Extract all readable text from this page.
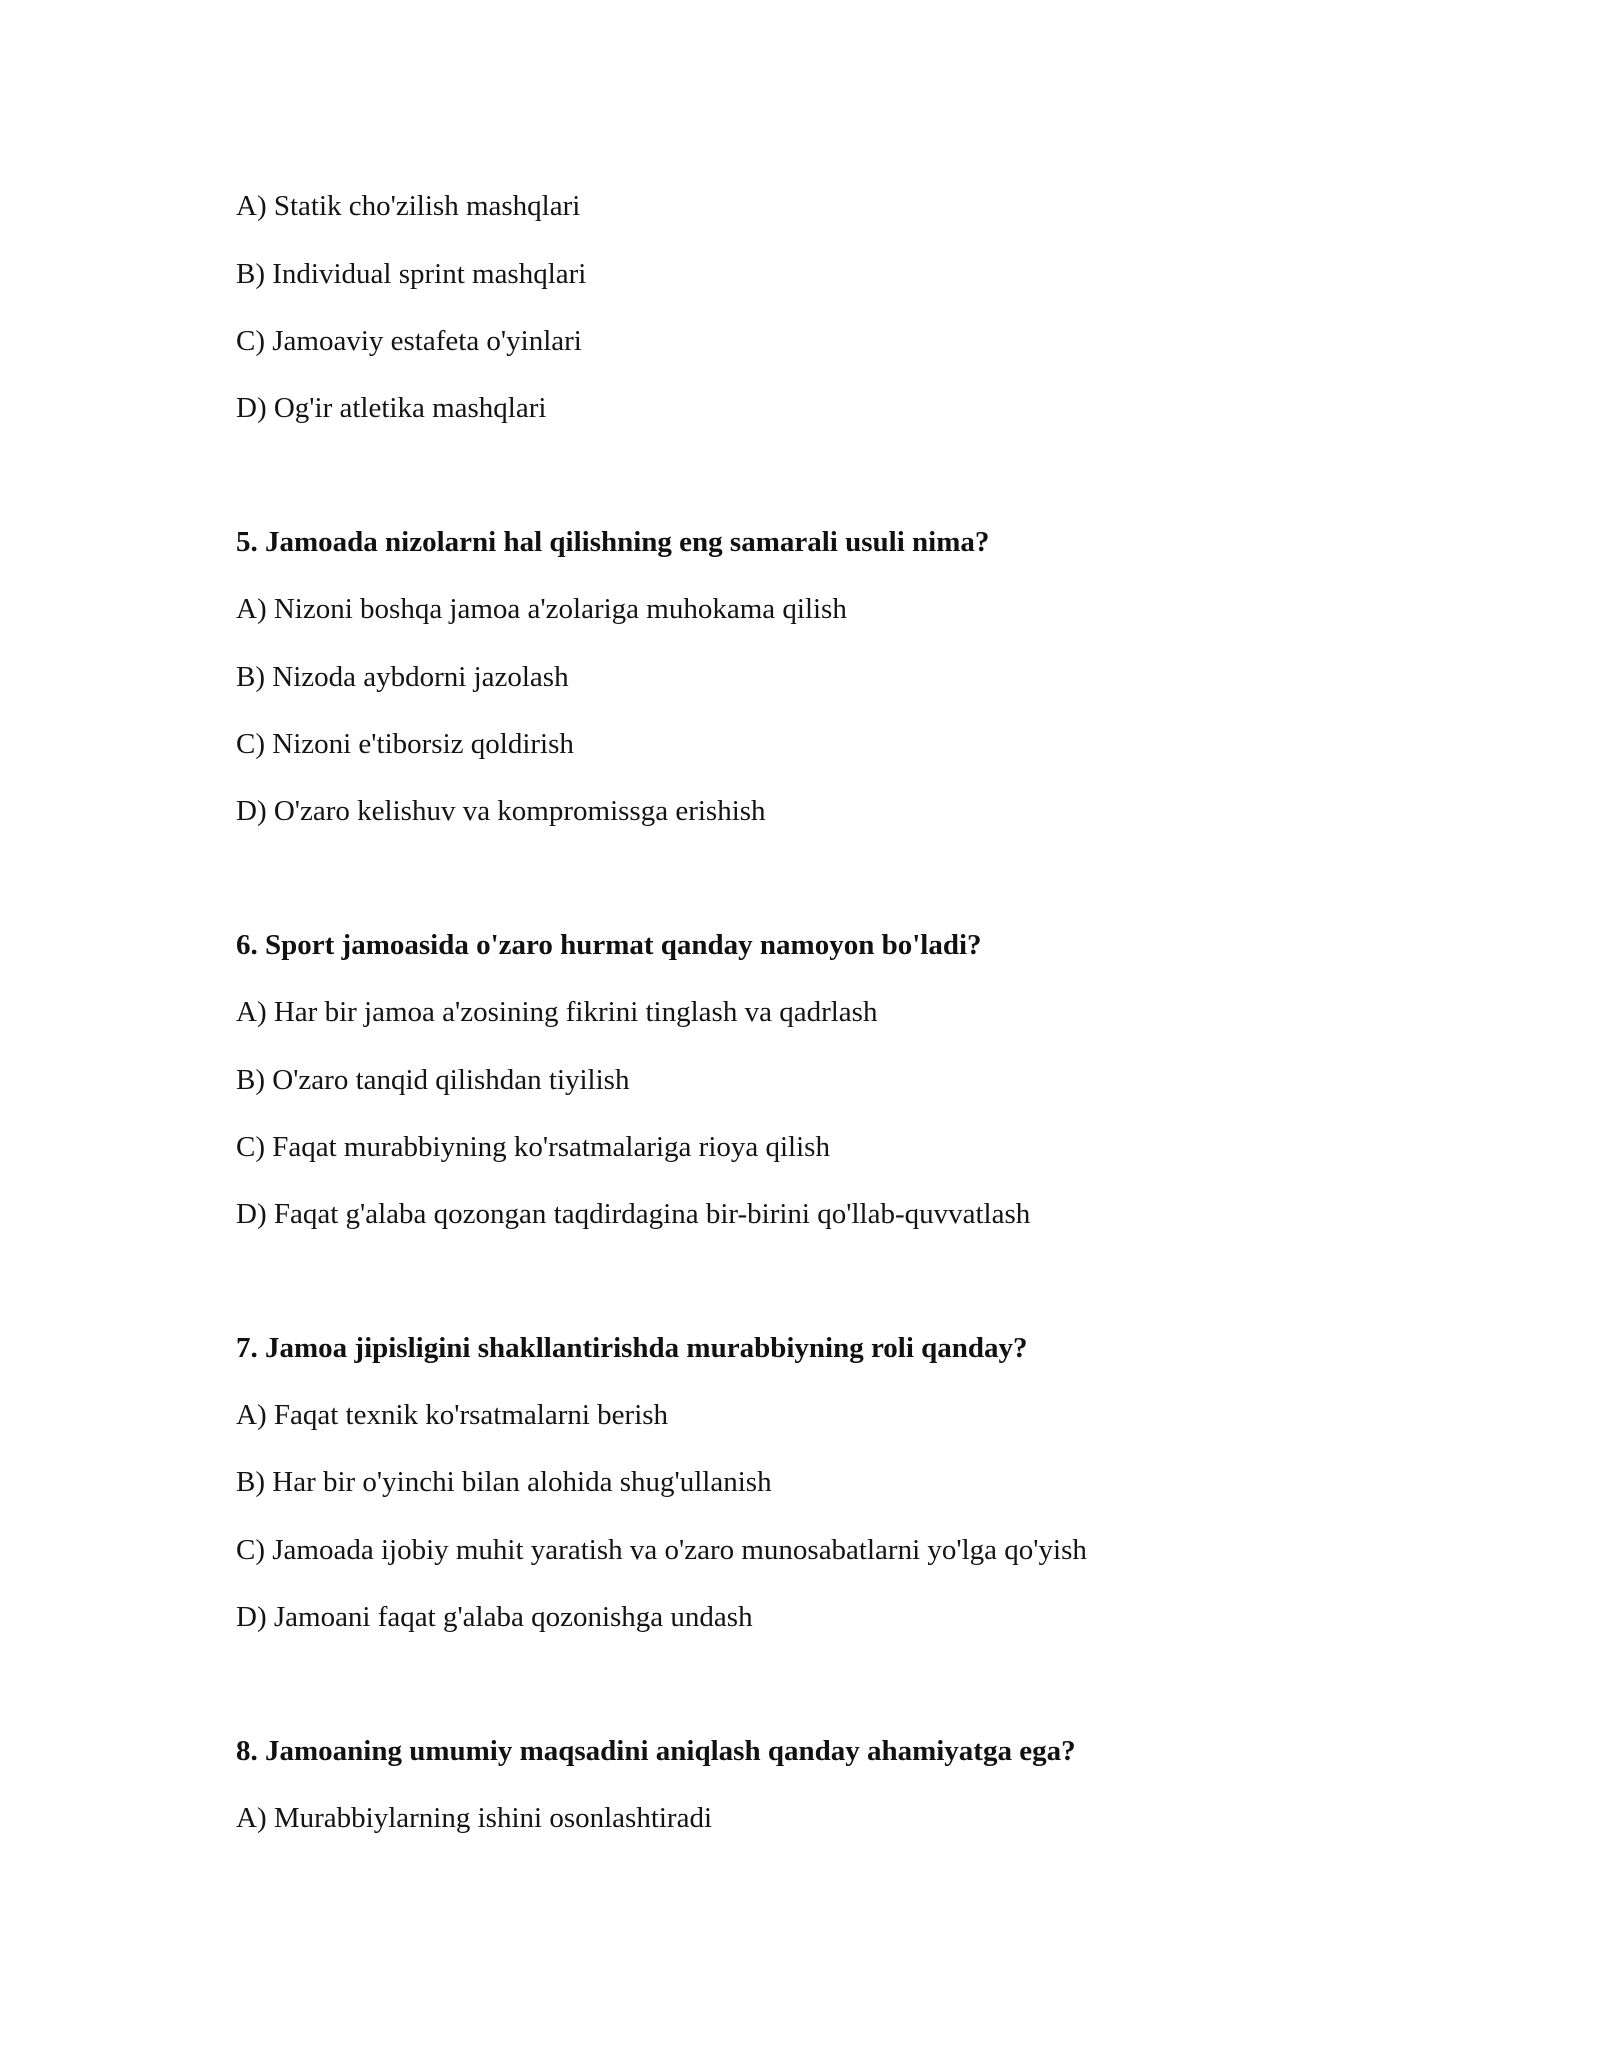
A) Statik cho'zilish mashqlari

B) Individual sprint mashqlari

C) Jamoaviy estafeta o'yinlari

D) Og'ir atletika mashqlari

5. Jamoada nizolarni hal qilishning eng samarali usuli nima?

A) Nizoni boshqa jamoa a'zolariga muhokama qilish

B) Nizoda aybdorni jazolash

C) Nizoni e'tiborsiz qoldirish

D) O'zaro kelishuv va kompromissga erishish

6. Sport jamoasida o'zaro hurmat qanday namoyon bo'ladi?

A) Har bir jamoa a'zosining fikrini tinglash va qadrlash

B) O'zaro tanqid qilishdan tiyilish

C) Faqat murabbiyning ko'rsatmalariga rioya qilish

D) Faqat g'alaba qozongan taqdirdagina bir-birini qo'llab-quvvatlash

7. Jamoa jipisligini shakllantirishda murabbiyning roli qanday?

A) Faqat texnik ko'rsatmalarni berish

B) Har bir o'yinchi bilan alohida shug'ullanish

C) Jamoada ijobiy muhit yaratish va o'zaro munosabatlarni yo'lga qo'yish

D) Jamoani faqat g'alaba qozonishga undash

8. Jamoaning umumiy maqsadini aniqlash qanday ahamiyatga ega?

A) Murabbiylarning ishini osonlashtiradi
